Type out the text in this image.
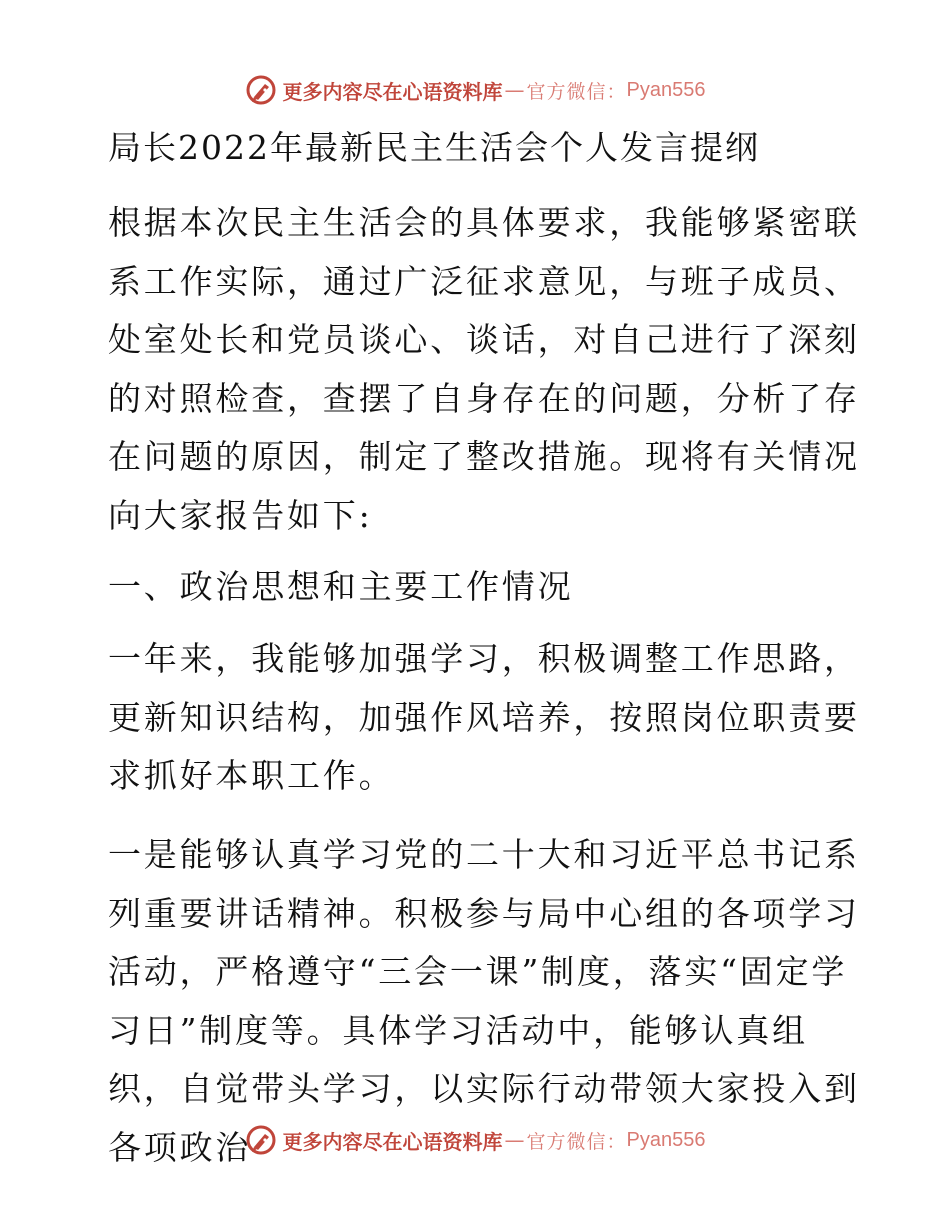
更多内容尽在心语资料库 — 官方微信： Pyan556
局长2022年最新民主生活会个人发言提纲

根据本次民主生活会的具体要求，我能够紧密联系工作实际，通过广泛征求意见，与班子成员、处室处长和党员谈心、谈话，对自己进行了深刻的对照检查，查摆了自身存在的问题，分析了存在问题的原因，制定了整改措施。现将有关情况向大家报告如下:

一、政治思想和主要工作情况

一年来，我能够加强学习，积极调整工作思路，更新知识结构，加强作风培养，按照岗位职责要求抓好本职工作。

一是能够认真学习党的二十大和习近平总书记系列重要讲话精神。积极参与局中心组的各项学习活动，严格遵守“三会一课”制度，落实“固定学习日”制度等。具体学习活动中，能够认真组织，自觉带头学习，以实际行动带领大家投入到各项政治	更多内容尽在心语资料库 — 官方微信： Pyan556
